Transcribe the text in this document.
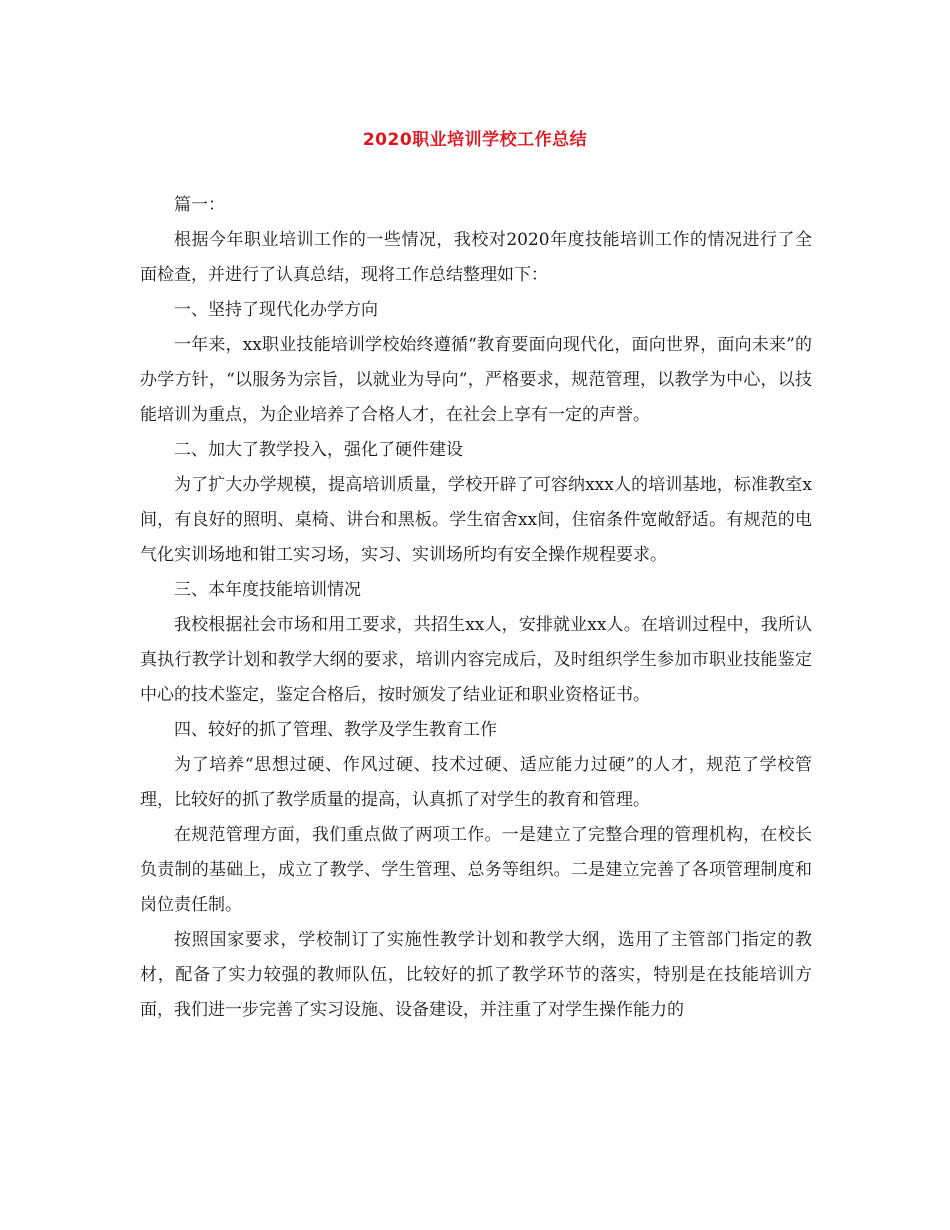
2020职业培训学校工作总结

篇一：

根据今年职业培训工作的一些情况，我校对2020年度技能培训工作的情况进行了全面检查，并进行了认真总结，现将工作总结整理如下：

一、坚持了现代化办学方向

一年来，xx职业技能培训学校始终遵循“教育要面向现代化，面向世界，面向未来”的办学方针，“以服务为宗旨，以就业为导向”，严格要求，规范管理，以教学为中心，以技能培训为重点，为企业培养了合格人才，在社会上享有一定的声誉。

二、加大了教学投入，强化了硬件建设

为了扩大办学规模，提高培训质量，学校开辟了可容纳xxx人的培训基地，标准教室x间，有良好的照明、桌椅、讲台和黑板。学生宿舍xx间，住宿条件宽敞舒适。有规范的电气化实训场地和钳工实习场，实习、实训场所均有安全操作规程要求。

三、本年度技能培训情况

我校根据社会市场和用工要求，共招生xx人，安排就业xx人。在培训过程中，我所认真执行教学计划和教学大纲的要求，培训内容完成后，及时组织学生参加市职业技能鉴定中心的技术鉴定，鉴定合格后，按时颁发了结业证和职业资格证书。

四、较好的抓了管理、教学及学生教育工作

为了培养“思想过硬、作风过硬、技术过硬、适应能力过硬”的人才，规范了学校管理，比较好的抓了教学质量的提高，认真抓了对学生的教育和管理。

在规范管理方面，我们重点做了两项工作。一是建立了完整合理的管理机构，在校长负责制的基础上，成立了教学、学生管理、总务等组织。二是建立完善了各项管理制度和岗位责任制。

按照国家要求，学校制订了实施性教学计划和教学大纲，选用了主管部门指定的教材，配备了实力较强的教师队伍，比较好的抓了教学环节的落实，特别是在技能培训方面，我们进一步完善了实习设施、设备建设，并注重了对学生操作能力的
